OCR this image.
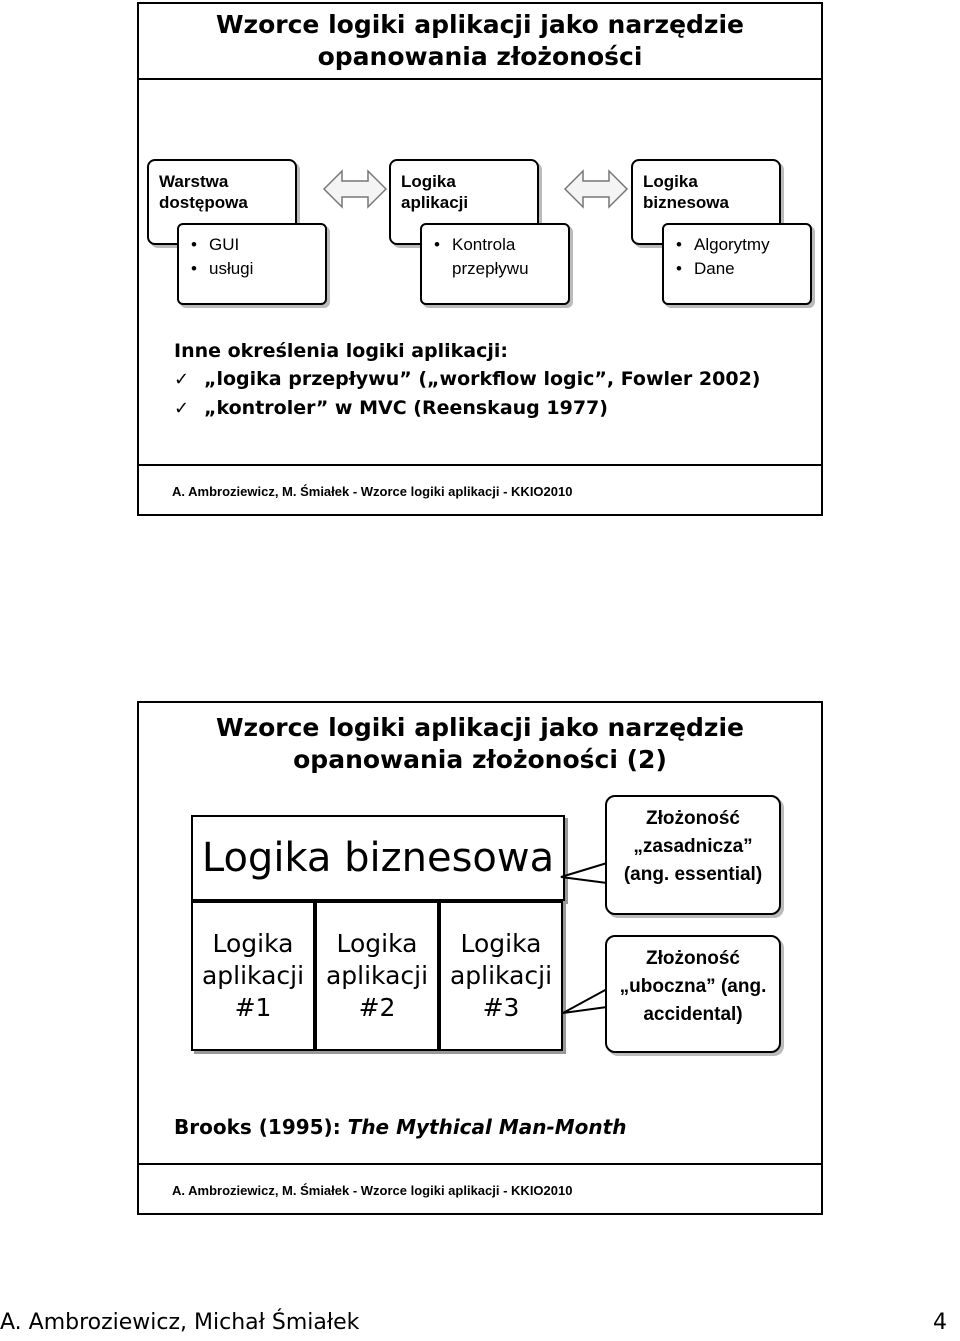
Wzorce logiki aplikacji jako narzędzie
opanowania złożoności
Warstwa
dostępowa
• GUI
• usługi
Logika
aplikacji
• Kontrola
przepływu
Logika
biznesowa
• Algorytmy
• Dane
Inne określenia logiki aplikacji:
✓ „logika przepływu” („workflow logic”, Fowler 2002)
✓ „kontroler” w MVC (Reenskaug 1977)
A. Ambroziewicz, M. Śmiałek - Wzorce logiki aplikacji - KKIO2010
Wzorce logiki aplikacji jako narzędzie
opanowania złożoności (2)
Logika biznesowa
Logika
aplikacji
#1
Logika
aplikacji
#2
Logika
aplikacji
#3
Złożoność
„zasadnicza”
(ang. essential)
Złożoność
„uboczna” (ang.
accidental)
Brooks (1995): The Mythical Man-Month
A. Ambroziewicz, M. Śmiałek - Wzorce logiki aplikacji - KKIO2010
A. Ambroziewicz, Michał Śmiałek	4
